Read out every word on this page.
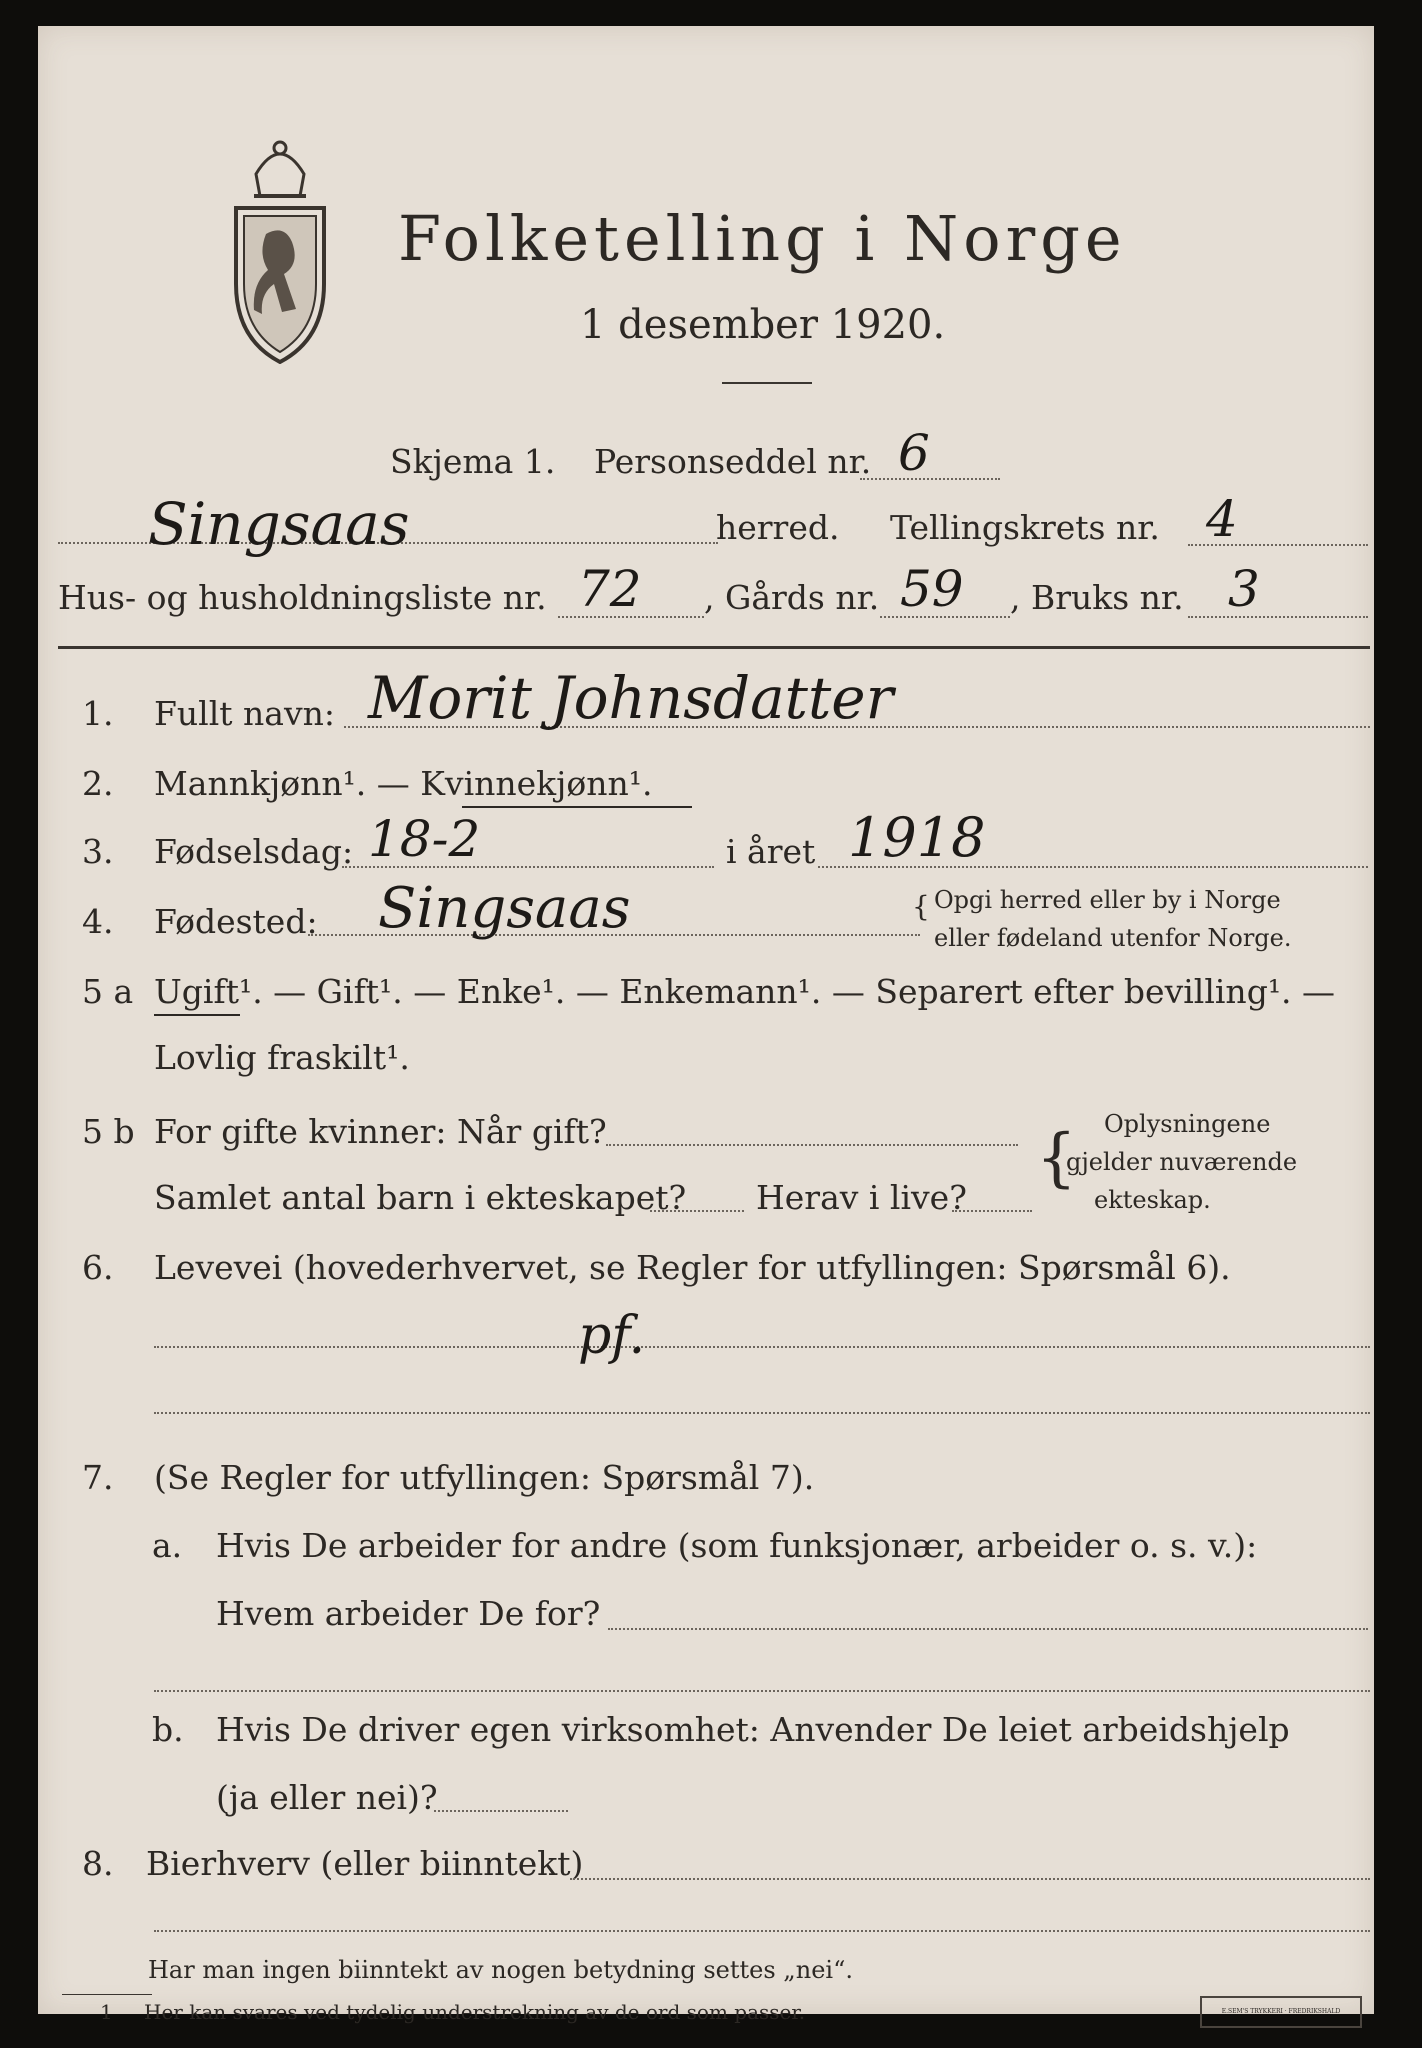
Folketelling i Norge
1 desember 1920.
Skjema 1. Personseddel nr. 6
Singsaas	herred. Tellingskrets nr. 4
Hus- og husholdningsliste nr. 72 , Gårds nr. 59 , Bruks nr. 3
1. Fullt navn: Morit Johnsdatter
2. Mannkjønn¹. — Kvinnekjønn¹.
3. Fødselsdag: 18-2	i året 1918
4. Fødested: Singsaas	{ Opgi herred eller by i Norge
eller fødeland utenfor Norge.
5 a Ugift¹. — Gift¹. — Enke¹. — Enkemann¹. — Separert efter bevilling¹. —
Lovlig fraskilt¹.
5 b For gifte kvinner: Når gift?
Samlet antal barn i ekteskapet? Herav i live?
{ Oplysningene
gjelder nuværende
ekteskap.
6. Levevei (hovederhvervet, se Regler for utfyllingen: Spørsmål 6).
pf.
7. (Se Regler for utfyllingen: Spørsmål 7).
a. Hvis De arbeider for andre (som funksjonær, arbeider o. s. v.):
Hvem arbeider De for?
b. Hvis De driver egen virksomhet: Anvender De leiet arbeidshjelp
(ja eller nei)?
8. Bierhverv (eller biinntekt)
Har man ingen biinntekt av nogen betydning settes „nei“.
1 Her kan svares ved tydelig understrekning av de ord som passer.	E.SEM'S TRYKKERI · FREDRIKSHALD
